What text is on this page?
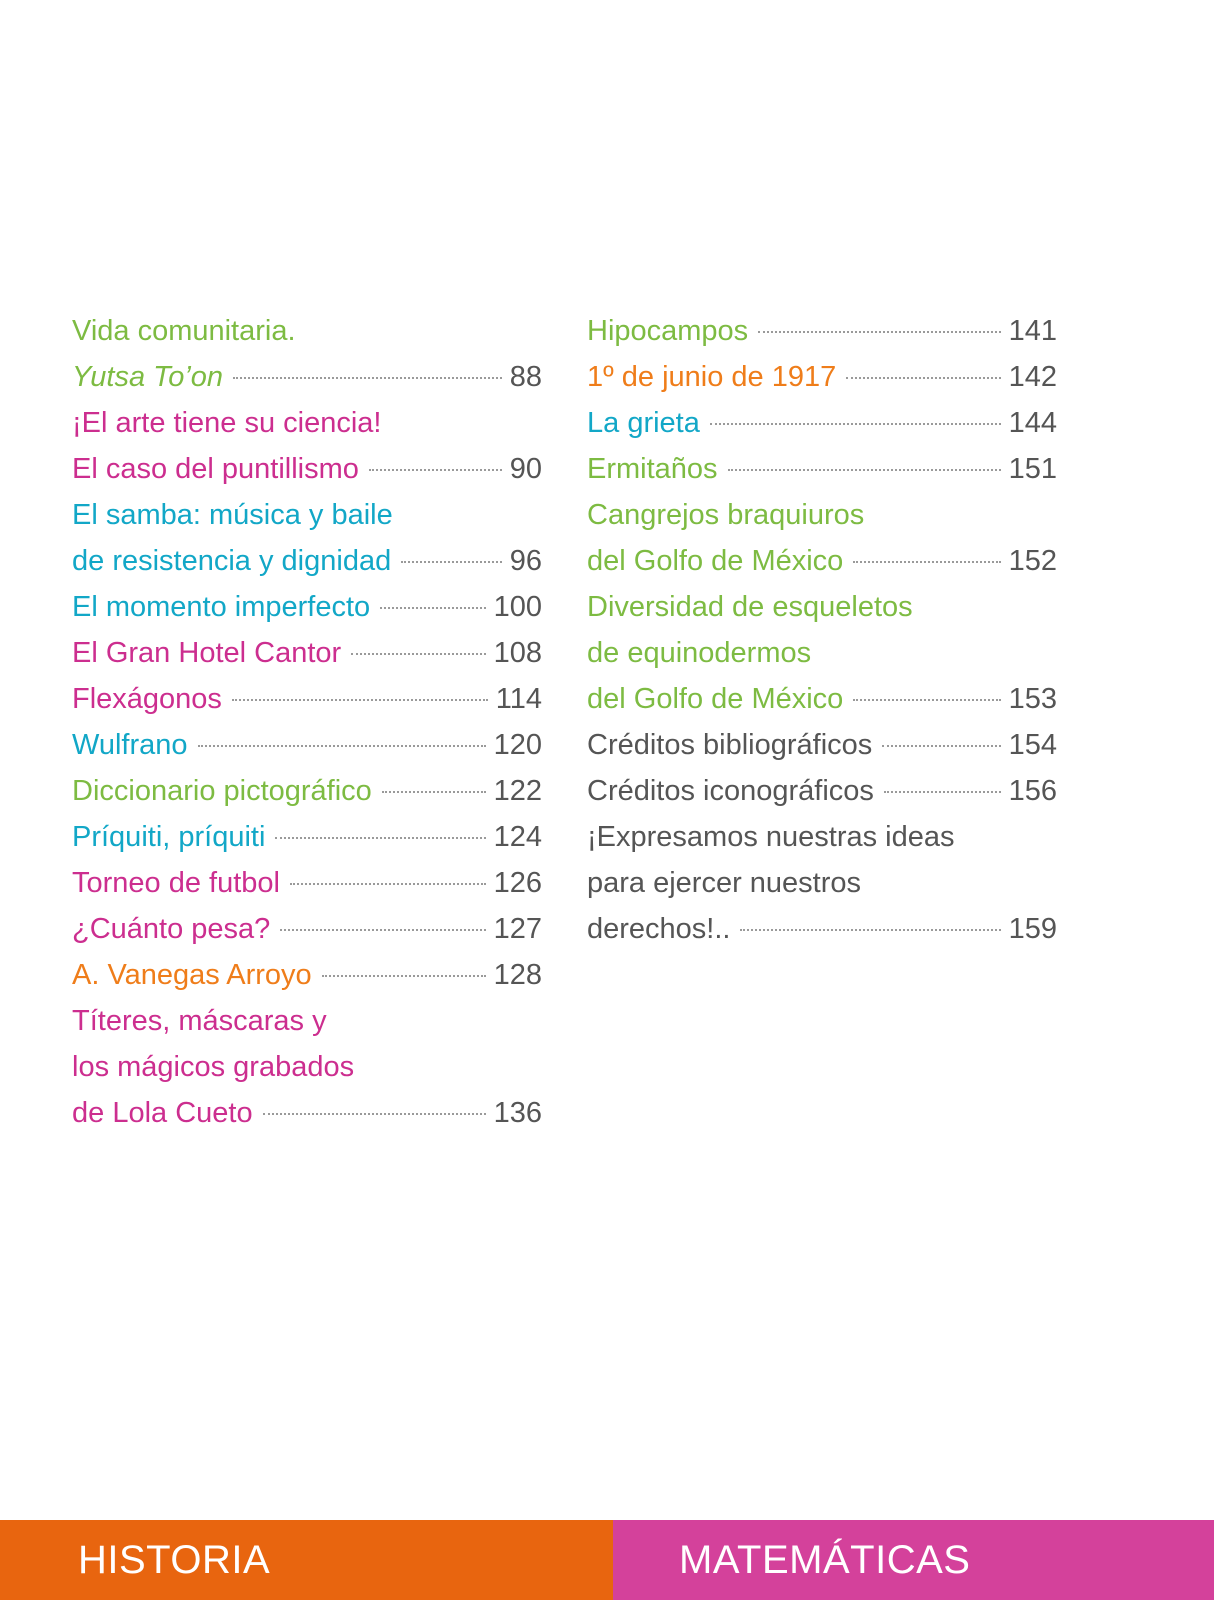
Vida comunitaria.
Yutsa To’on	88
¡El arte tiene su ciencia!
El caso del puntillismo	90
El samba: música y baile
de resistencia y dignidad	96
El momento imperfecto	100
El Gran Hotel Cantor	108
Flexágonos	114
Wulfrano	120
Diccionario pictográfico	122
Príquiti, príquiti	124
Torneo de futbol	126
¿Cuánto pesa?	127
A. Vanegas Arroyo	128
Títeres, máscaras y
los mágicos grabados
de Lola Cueto	136
Hipocampos	141
1º de junio de 1917	142
La grieta	144
Ermitaños	151
Cangrejos braquiuros
del Golfo de México	152
Diversidad de esqueletos
de equinodermos
del Golfo de México	153
Créditos bibliográficos	154
Créditos iconográficos	156
¡Expresamos nuestras ideas
para ejercer nuestros
derechos!..	159
HISTORIA	MATEMÁTICAS
